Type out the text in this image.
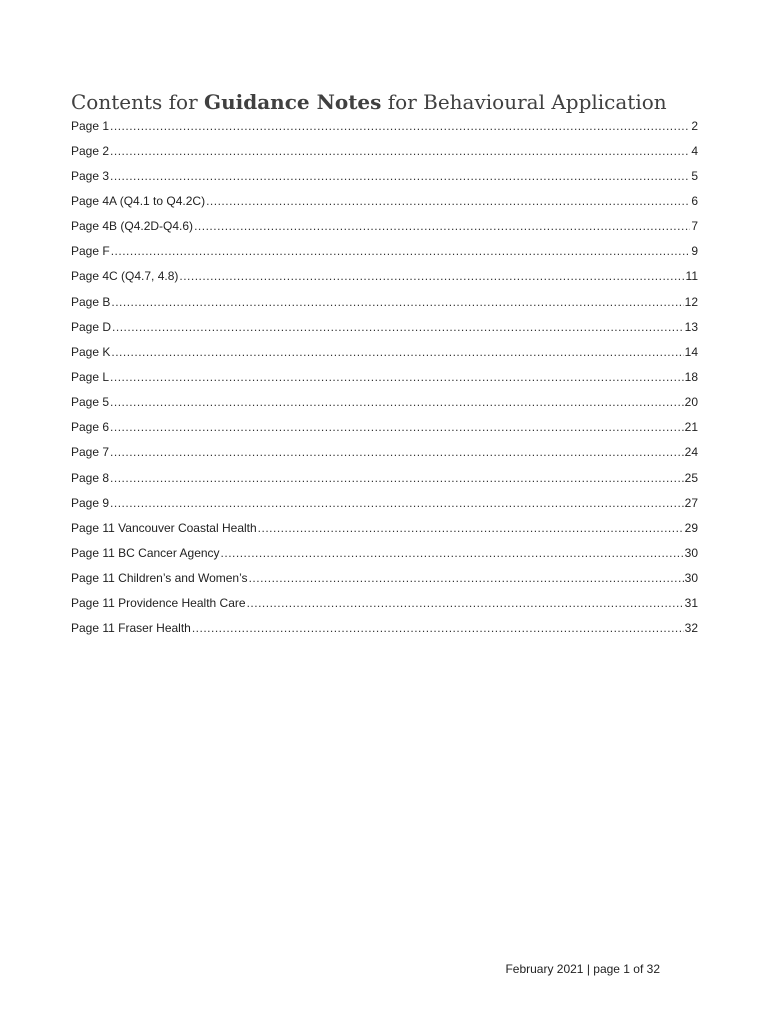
Contents for Guidance Notes for Behavioural Application
Page 1 .....	2
Page 2 .....	4
Page 3 .....	5
Page 4A (Q4.1 to Q4.2C) .....	6
Page 4B (Q4.2D-Q4.6) .....	7
Page F .....	9
Page 4C (Q4.7, 4.8) .....	11
Page B .....	12
Page D .....	13
Page K .....	14
Page L .....	18
Page 5 .....	20
Page 6 .....	21
Page 7 .....	24
Page 8 .....	25
Page 9 .....	27
Page 11 Vancouver Coastal Health .....	29
Page 11 BC Cancer Agency .....	30
Page 11 Children’s and Women’s .....	30
Page 11 Providence Health Care .....	31
Page 11 Fraser Health .....	32
February 2021 | page 1 of 32
